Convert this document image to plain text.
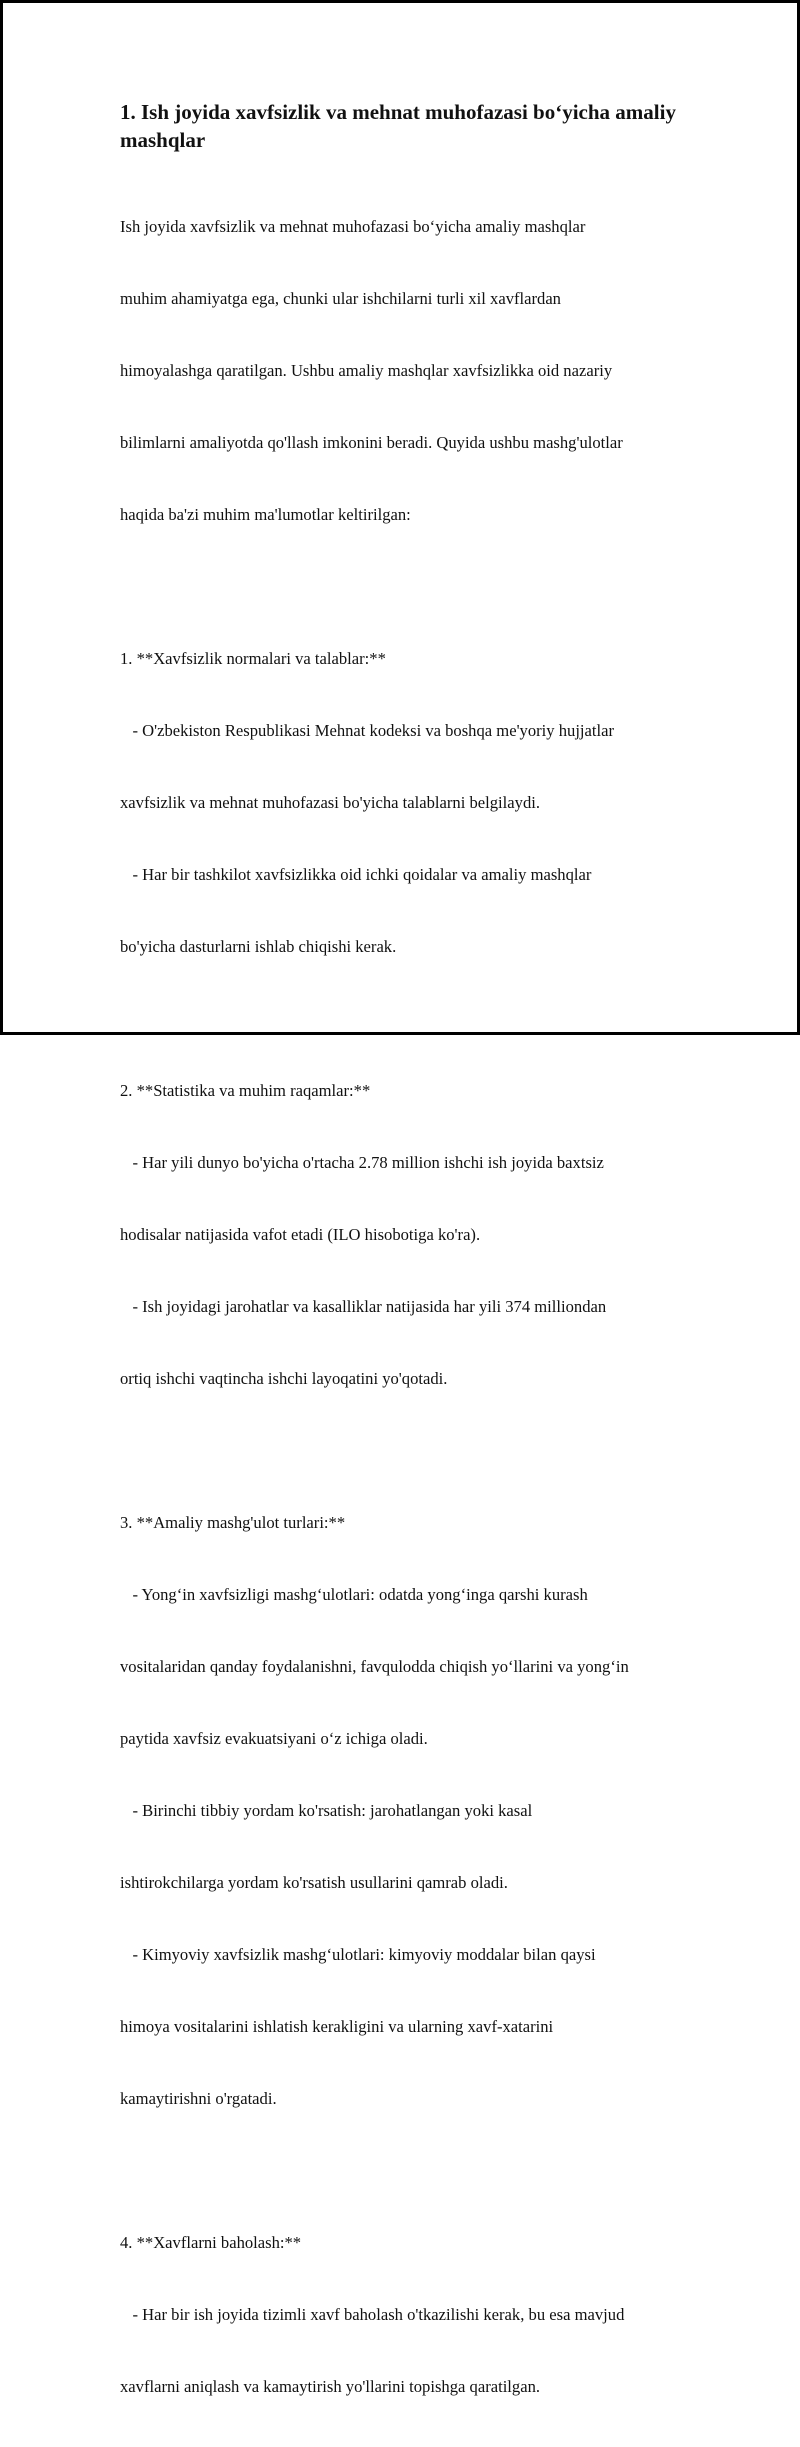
1. Ish joyida xavfsizlik va mehnat muhofazasi bo‘yicha amaliy
mashqlar

Ish joyida xavfsizlik va mehnat muhofazasi bo‘yicha amaliy mashqlar

muhim ahamiyatga ega, chunki ular ishchilarni turli xil xavflardan

himoyalashga qaratilgan. Ushbu amaliy mashqlar xavfsizlikka oid nazariy

bilimlarni amaliyotda qo'llash imkonini beradi. Quyida ushbu mashg'ulotlar

haqida ba'zi muhim ma'lumotlar keltirilgan:

1. **Xavfsizlik normalari va talablar:**

- O'zbekiston Respublikasi Mehnat kodeksi va boshqa me'yoriy hujjatlar

xavfsizlik va mehnat muhofazasi bo'yicha talablarni belgilaydi.

- Har bir tashkilot xavfsizlikka oid ichki qoidalar va amaliy mashqlar

bo'yicha dasturlarni ishlab chiqishi kerak.

2. **Statistika va muhim raqamlar:**

- Har yili dunyo bo'yicha o'rtacha 2.78 million ishchi ish joyida baxtsiz

hodisalar natijasida vafot etadi (ILO hisobotiga ko'ra).

- Ish joyidagi jarohatlar va kasalliklar natijasida har yili 374 milliondan

ortiq ishchi vaqtincha ishchi layoqatini yo'qotadi.

3. **Amaliy mashg'ulot turlari:**

- Yong‘in xavfsizligi mashg‘ulotlari: odatda yong‘inga qarshi kurash

vositalaridan qanday foydalanishni, favqulodda chiqish yo‘llarini va yong‘in

paytida xavfsiz evakuatsiyani o‘z ichiga oladi.

- Birinchi tibbiy yordam ko'rsatish: jarohatlangan yoki kasal

ishtirokchilarga yordam ko'rsatish usullarini qamrab oladi.

- Kimyoviy xavfsizlik mashg‘ulotlari: kimyoviy moddalar bilan qaysi

himoya vositalarini ishlatish kerakligini va ularning xavf-xatarini

kamaytirishni o'rgatadi.

4. **Xavflarni baholash:**

- Har bir ish joyida tizimli xavf baholash o'tkazilishi kerak, bu esa mavjud

xavflarni aniqlash va kamaytirish yo'llarini topishga qaratilgan.
